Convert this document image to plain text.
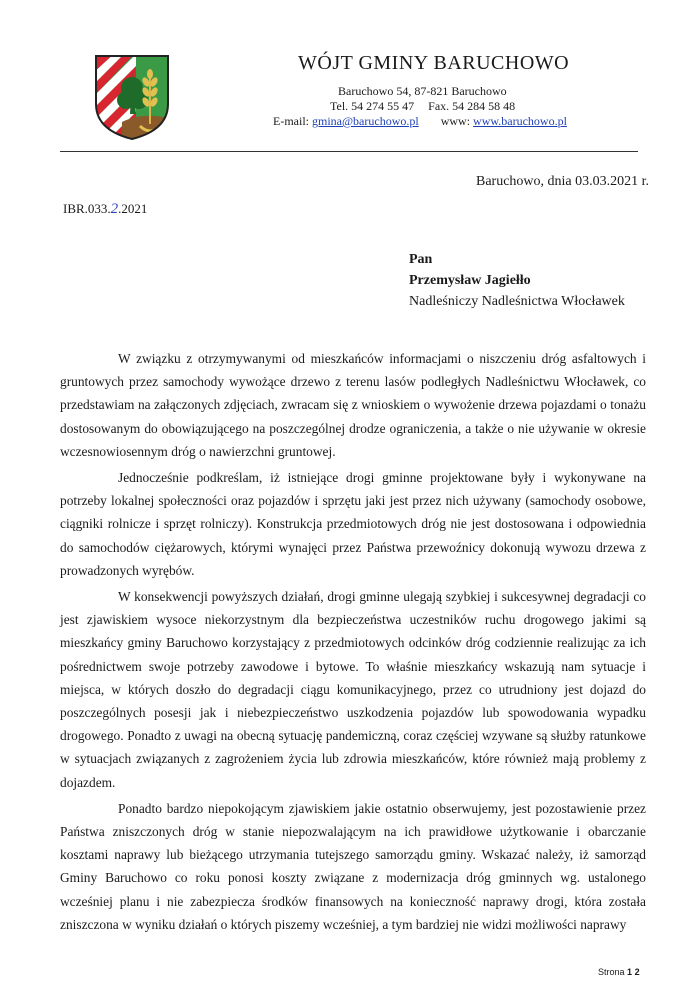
WÓJT GMINY BARUCHOWO
Baruchowo 54, 87-821 Baruchowo
Tel. 54 274 55 47 Fax. 54 284 58 48
E-mail: gmina@baruchowo.pl www: www.baruchowo.pl
Baruchowo, dnia 03.03.2021 r.
IBR.033.2.2021
Pan
Przemysław Jagiełło
Nadleśniczy Nadleśnictwa Włocławek

W związku z otrzymywanymi od mieszkańców informacjami o niszczeniu dróg asfaltowych i gruntowych przez samochody wywożące drzewo z terenu lasów podległych Nadleśnictwu Włocławek, co przedstawiam na załączonych zdjęciach, zwracam się z wnioskiem o wywożenie drzewa pojazdami o tonażu dostosowanym do obowiązującego na poszczególnej drodze ograniczenia, a także o nie używanie w okresie wczesnowiosennym dróg o nawierzchni gruntowej.

Jednocześnie podkreślam, iż istniejące drogi gminne projektowane były i wykonywane na potrzeby lokalnej społeczności oraz pojazdów i sprzętu jaki jest przez nich używany (samochody osobowe, ciągniki rolnicze i sprzęt rolniczy). Konstrukcja przedmiotowych dróg nie jest dostosowana i odpowiednia do samochodów ciężarowych, którymi wynajęci przez Państwa przewoźnicy dokonują wywozu drzewa z prowadzonych wyrębów.

W konsekwencji powyższych działań, drogi gminne ulegają szybkiej i sukcesywnej degradacji co jest zjawiskiem wysoce niekorzystnym dla bezpieczeństwa uczestników ruchu drogowego jakimi są mieszkańcy gminy Baruchowo korzystający z przedmiotowych odcinków dróg codziennie realizując za ich pośrednictwem swoje potrzeby zawodowe i bytowe. To właśnie mieszkańcy wskazują nam sytuacje i miejsca, w których doszło do degradacji ciągu komunikacyjnego, przez co utrudniony jest dojazd do poszczególnych posesji jak i niebezpieczeństwo uszkodzenia pojazdów lub spowodowania wypadku drogowego. Ponadto z uwagi na obecną sytuację pandemiczną, coraz częściej wzywane są służby ratunkowe w sytuacjach związanych z zagrożeniem życia lub zdrowia mieszkańców, które również mają problemy z dojazdem.

Ponadto bardzo niepokojącym zjawiskiem jakie ostatnio obserwujemy, jest pozostawienie przez Państwa zniszczonych dróg w stanie niepozwalającym na ich prawidłowe użytkowanie i obarczanie kosztami naprawy lub bieżącego utrzymania tutejszego samorządu gminy. Wskazać należy, iż samorząd Gminy Baruchowo co roku ponosi koszty związane z modernizacja dróg gminnych wg. ustalonego wcześniej planu i nie zabezpiecza środków finansowych na konieczność naprawy drogi, która została zniszczona w wyniku działań o których piszemy wcześniej, a tym bardziej nie widzi możliwości naprawy

Strona 1 2
